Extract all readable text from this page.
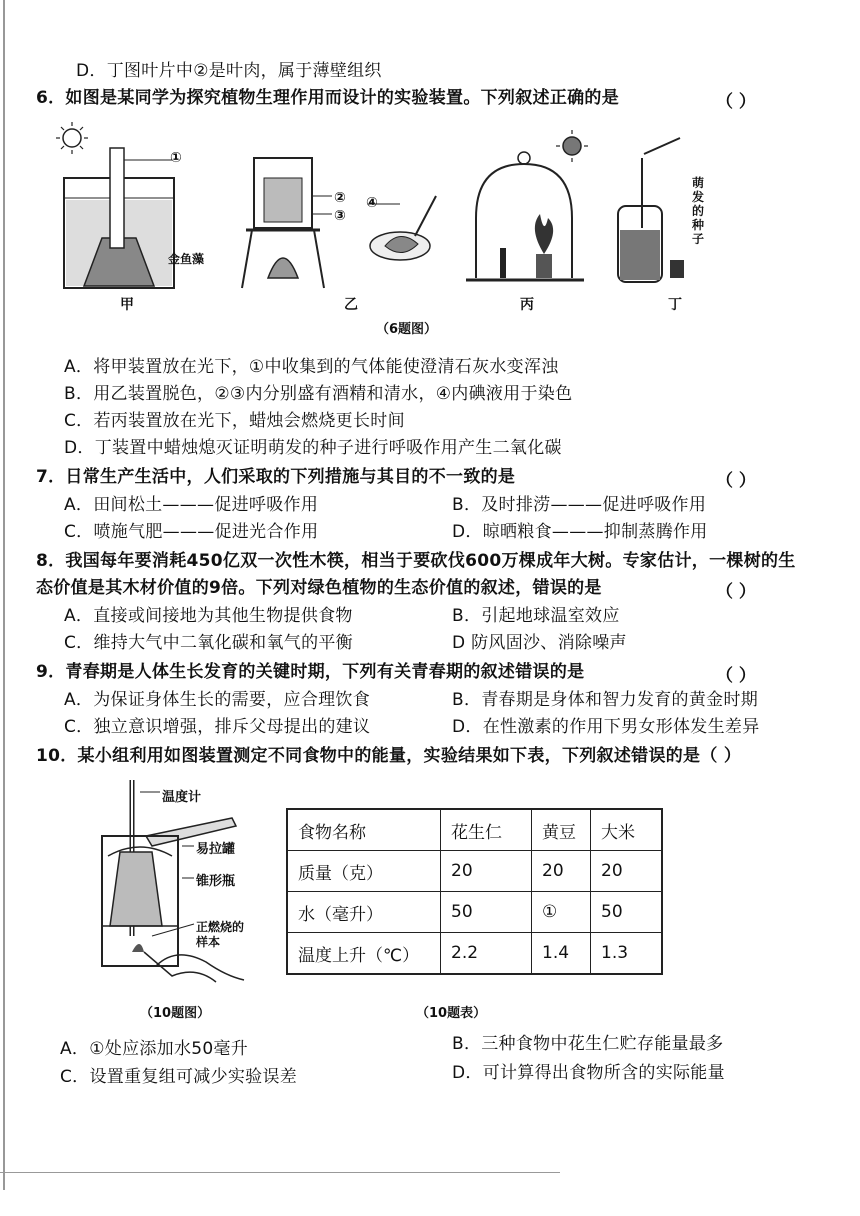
D．丁图叶片中②是叶肉，属于薄壁组织
6．如图是某同学为探究植物生理作用而设计的实验装置。下列叙述正确的是	（ ）
①
金鱼藻
②
③
④
萌发的种子
甲	乙	丙	丁
（6题图）
A．将甲装置放在光下，①中收集到的气体能使澄清石灰水变浑浊
B．用乙装置脱色，②③内分别盛有酒精和清水，④内碘液用于染色
C．若丙装置放在光下，蜡烛会燃烧更长时间
D．丁装置中蜡烛熄灭证明萌发的种子进行呼吸作用产生二氧化碳
7．日常生产生活中，人们采取的下列措施与其目的不一致的是	（ ）
A．田间松土———促进呼吸作用	B．及时排涝———促进呼吸作用
C．喷施气肥———促进光合作用	D．晾晒粮食———抑制蒸腾作用
8．我国每年要消耗450亿双一次性木筷，相当于要砍伐600万棵成年大树。专家估计，一棵树的生
态价值是其木材价值的9倍。下列对绿色植物的生态价值的叙述，错误的是	（ ）
A．直接或间接地为其他生物提供食物	B．引起地球温室效应
C．维持大气中二氧化碳和氧气的平衡	D 防风固沙、消除噪声
9．青春期是人体生长发育的关键时期，下列有关青春期的叙述错误的是	（ ）
A．为保证身体生长的需要，应合理饮食	B．青春期是身体和智力发育的黄金时期
C．独立意识增强，排斥父母提出的建议	D．在性激素的作用下男女形体发生差异
10．某小组利用如图装置测定不同食物中的能量，实验结果如下表，下列叙述错误的是（ ）
温度计
易拉罐
锥形瓶
正燃烧的样本
（10题图）
食物名称	花生仁	黄豆	大米
质量（克）	20	20	20
水（毫升）	50	①	50
温度上升（℃）	2.2	1.4	1.3
（10题表）
A．①处应添加水50毫升	B．三种食物中花生仁贮存能量最多
C．设置重复组可减少实验误差	D．可计算得出食物所含的实际能量
